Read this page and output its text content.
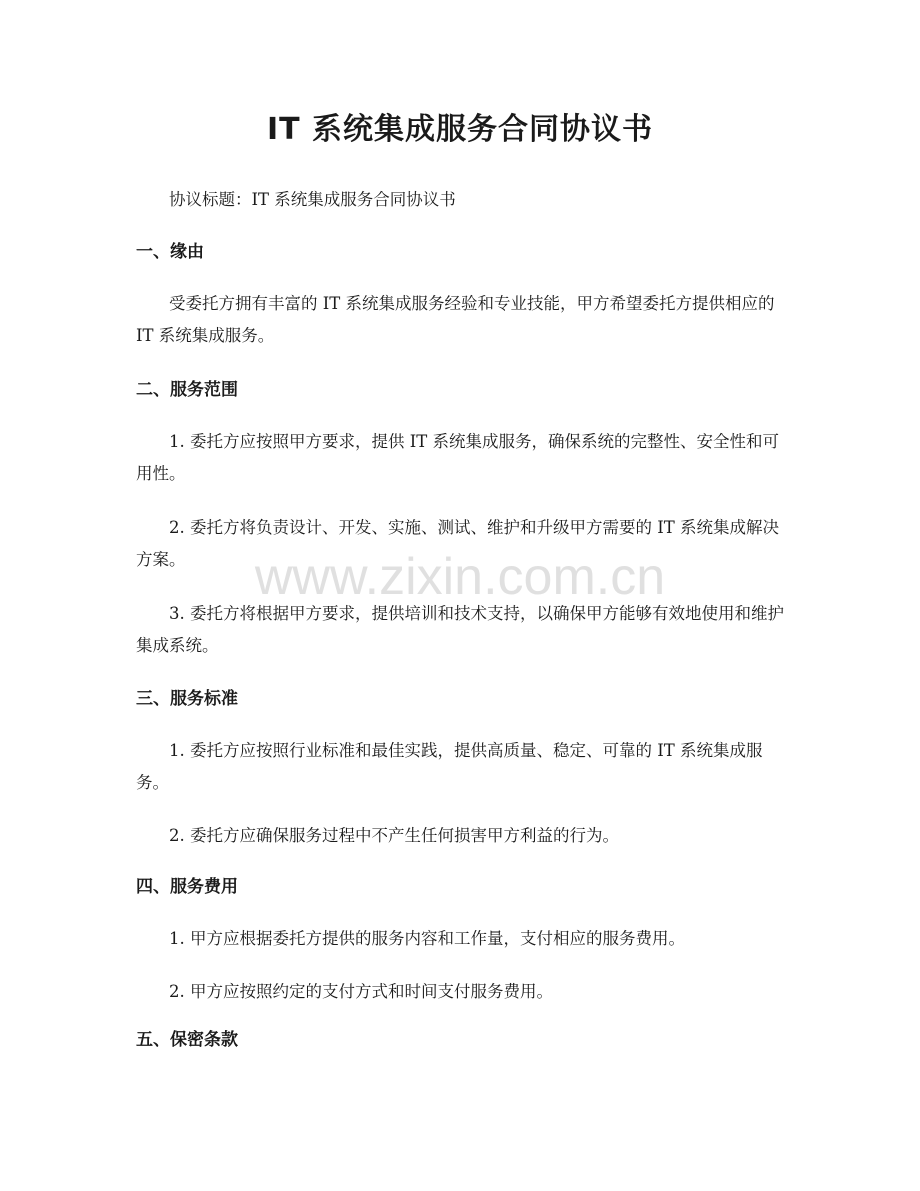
IT 系统集成服务合同协议书

协议标题：IT 系统集成服务合同协议书

一、缘由

受委托方拥有丰富的 IT 系统集成服务经验和专业技能，甲方希望委托方提供相应的 IT 系统集成服务。

二、服务范围

1. 委托方应按照甲方要求，提供 IT 系统集成服务，确保系统的完整性、安全性和可用性。

2. 委托方将负责设计、开发、实施、测试、维护和升级甲方需要的 IT 系统集成解决方案。

3. 委托方将根据甲方要求，提供培训和技术支持，以确保甲方能够有效地使用和维护集成系统。

三、服务标准

1. 委托方应按照行业标准和最佳实践，提供高质量、稳定、可靠的 IT 系统集成服务。

2. 委托方应确保服务过程中不产生任何损害甲方利益的行为。

四、服务费用

1. 甲方应根据委托方提供的服务内容和工作量，支付相应的服务费用。

2. 甲方应按照约定的支付方式和时间支付服务费用。

五、保密条款
www.zixin.com.cn
